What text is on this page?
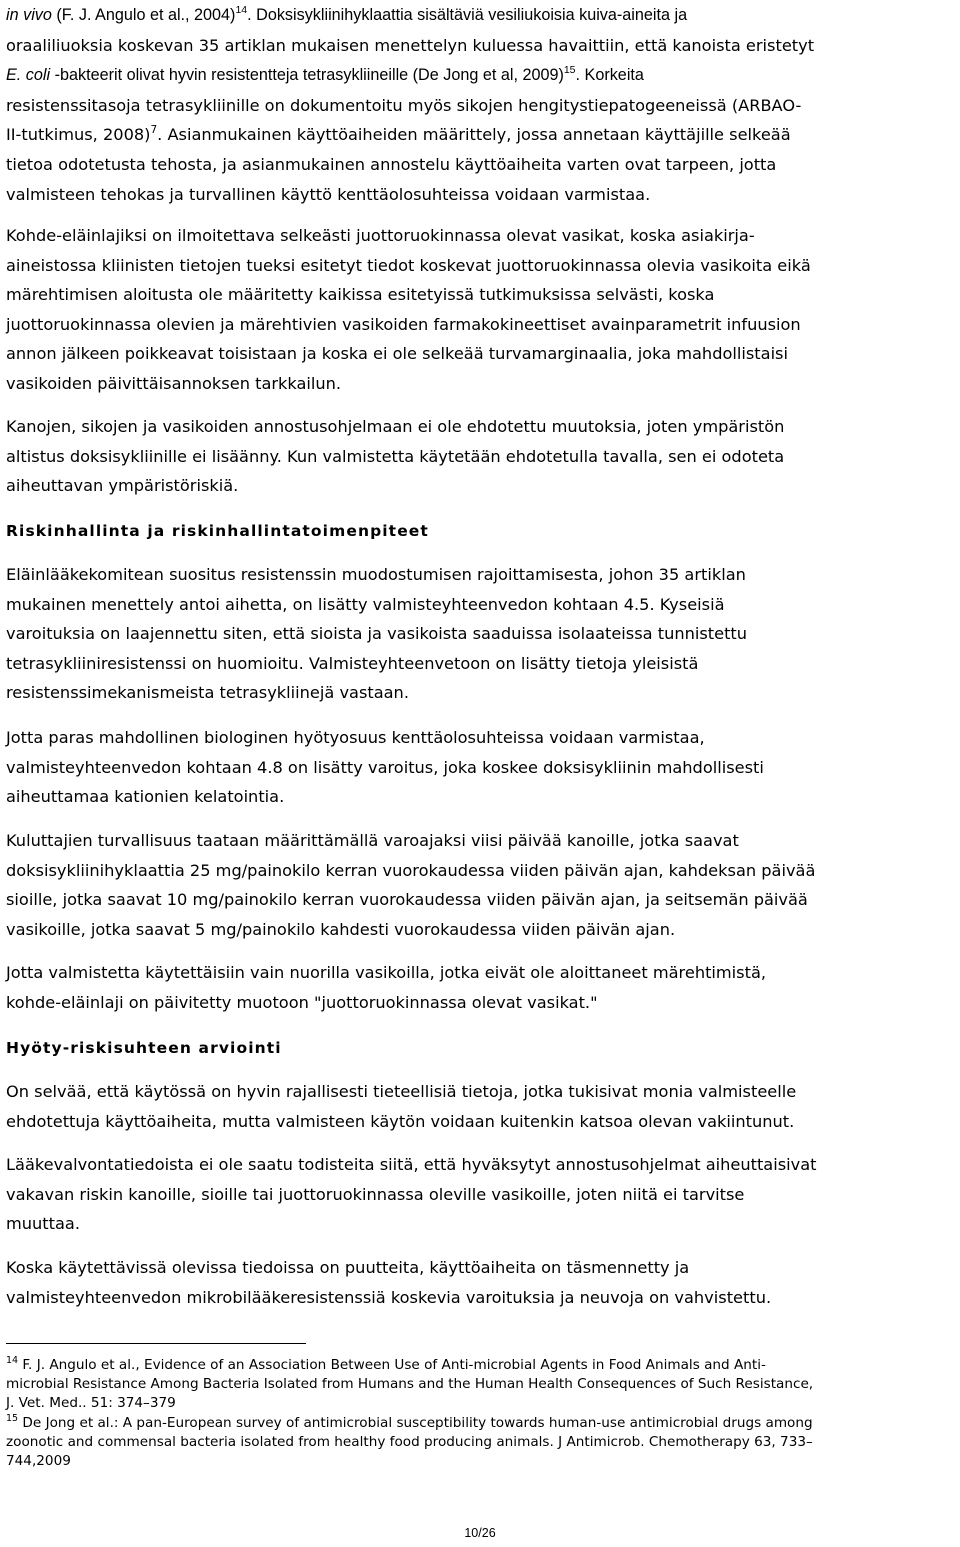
in vivo (F. J. Angulo et al., 2004)$^{14}$. Doksisykliinihyklaattia sisältäviä vesiliukoisia kuiva-aineita ja
oraaliliuoksia koskevan 35 artiklan mukaisen menettelyn kuluessa havaittiin, että kanoista eristetyt
E. coli -bakteerit olivat hyvin resistentteja tetrasykliineille (De Jong et al, 2009)$^{15}$. Korkeita
resistenssitasoja tetrasykliinille on dokumentoitu myös sikojen hengitystiepatogeeneissä (ARBAO-
II-tutkimus, 2008)$^7$. Asianmukainen käyttöaiheiden määrittely, jossa annetaan käyttäjille selkeää
tietoa odotetusta tehosta, ja asianmukainen annostelu käyttöaiheita varten ovat tarpeen, jotta
valmisteen tehokas ja turvallinen käyttö kenttäolosuhteissa voidaan varmistaa.
Kohde-eläinlajiksi on ilmoitettava selkeästi juottoruokinnassa olevat vasikat, koska asiakirja-
aineistossa kliinisten tietojen tueksi esitetyt tiedot koskevat juottoruokinnassa olevia vasikoita eikä
märehtimisen aloitusta ole määritetty kaikissa esitetyissä tutkimuksissa selvästi, koska
juottoruokinnassa olevien ja märehtivien vasikoiden farmakokineettiset avainparametrit infuusion
annon jälkeen poikkeavat toisistaan ja koska ei ole selkeää turvamarginaalia, joka mahdollistaisi
vasikoiden päivittäisannoksen tarkkailun.
Kanojen, sikojen ja vasikoiden annostusohjelmaan ei ole ehdotettu muutoksia, joten ympäristön
altistus doksisykliinille ei lisäänny. Kun valmistetta käytetään ehdotetulla tavalla, sen ei odoteta
aiheuttavan ympäristöriskiä.
Riskinhallinta ja riskinhallintatoimenpiteet
Eläinlääkekomitean suositus resistenssin muodostumisen rajoittamisesta, johon 35 artiklan
mukainen menettely antoi aihetta, on lisätty valmisteyhteenvedon kohtaan 4.5. Kyseisiä
varoituksia on laajennettu siten, että sioista ja vasikoista saaduissa isolaateissa tunnistettu
tetrasykliiniresistenssi on huomioitu. Valmisteyhteenvetoon on lisätty tietoja yleisistä
resistenssimekanismeista tetrasykliinejä vastaan.
Jotta paras mahdollinen biologinen hyötyosuus kenttäolosuhteissa voidaan varmistaa,
valmisteyhteenvedon kohtaan 4.8 on lisätty varoitus, joka koskee doksisykliinin mahdollisesti
aiheuttamaa kationien kelatointia.
Kuluttajien turvallisuus taataan määrittämällä varoajaksi viisi päivää kanoille, jotka saavat
doksisykliinihyklaattia 25 mg/painokilo kerran vuorokaudessa viiden päivän ajan, kahdeksan päivää
sioille, jotka saavat 10 mg/painokilo kerran vuorokaudessa viiden päivän ajan, ja seitsemän päivää
vasikoille, jotka saavat 5 mg/painokilo kahdesti vuorokaudessa viiden päivän ajan.
Jotta valmistetta käytettäisiin vain nuorilla vasikoilla, jotka eivät ole aloittaneet märehtimistä,
kohde-eläinlaji on päivitetty muotoon "juottoruokinnassa olevat vasikat."
Hyöty-riskisuhteen arviointi
On selvää, että käytössä on hyvin rajallisesti tieteellisiä tietoja, jotka tukisivat monia valmisteelle
ehdotettuja käyttöaiheita, mutta valmisteen käytön voidaan kuitenkin katsoa olevan vakiintunut.
Lääkevalvontatiedoista ei ole saatu todisteita siitä, että hyväksytyt annostusohjelmat aiheuttaisivat
vakavan riskin kanoille, sioille tai juottoruokinnassa oleville vasikoille, joten niitä ei tarvitse
muuttaa.
Koska käytettävissä olevissa tiedoissa on puutteita, käyttöaiheita on täsmennetty ja
valmisteyhteenvedon mikrobilääkeresistenssiä koskevia varoituksia ja neuvoja on vahvistettu.
$^{14}$ F. J. Angulo et al., Evidence of an Association Between Use of Anti-microbial Agents in Food Animals and Anti-
microbial Resistance Among Bacteria Isolated from Humans and the Human Health Consequences of Such Resistance,
J. Vet. Med.. 51: 374–379
$^{15}$ De Jong et al.: A pan-European survey of antimicrobial susceptibility towards human-use antimicrobial drugs among
zoonotic and commensal bacteria isolated from healthy food producing animals. J Antimicrob. Chemotherapy 63, 733–
744,2009
10/26
